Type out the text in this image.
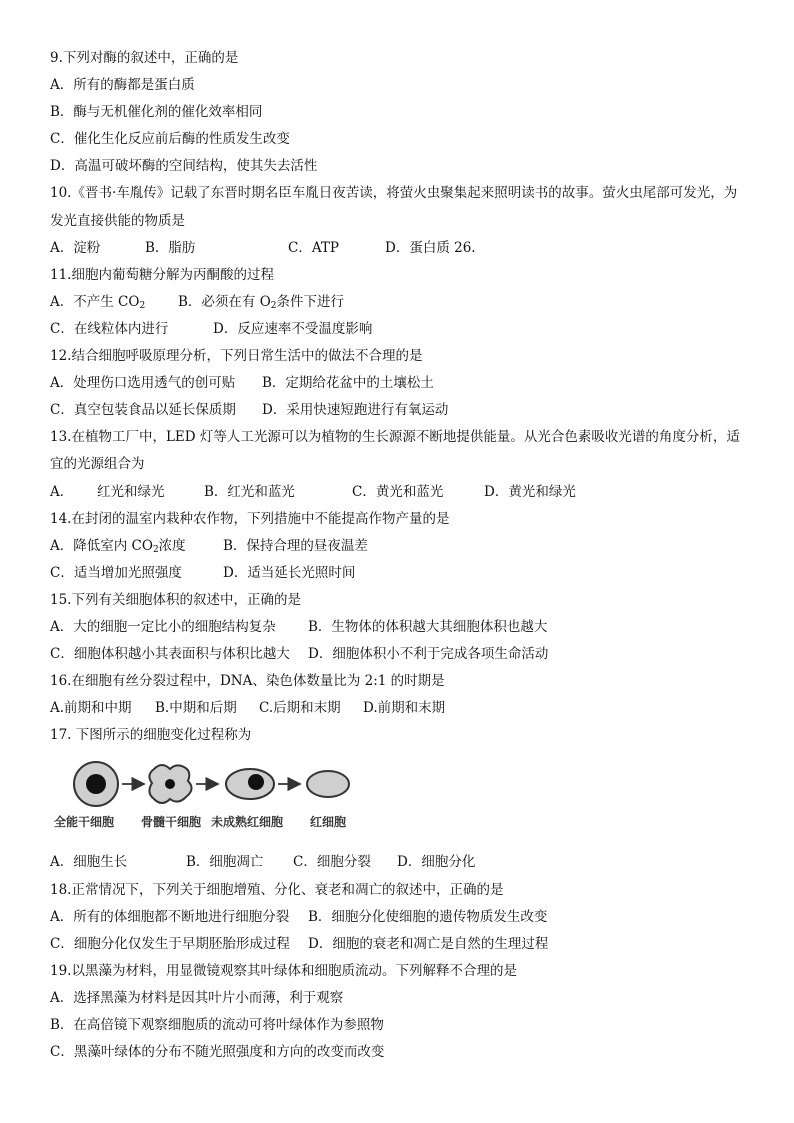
9.下列对酶的叙述中，正确的是
A．所有的酶都是蛋白质
B．酶与无机催化剂的催化效率相同
C．催化生化反应前后酶的性质发生改变
D．高温可破坏酶的空间结构，使其失去活性
10.《晋书·车胤传》记载了东晋时期名臣车胤日夜苦读，将萤火虫聚集起来照明读书的故事。萤火虫尾部可发光，为发光直接供能的物质是
A．淀粉	B．脂肪	C．ATP	D．蛋白质 26.
11.细胞内葡萄糖分解为丙酮酸的过程
A．不产生 $CO_2$ B．必须在有 $O_2$条件下进行
C．在线粒体内进行	D．反应速率不受温度影响
12.结合细胞呼吸原理分析，下列日常生活中的做法不合理的是
A．处理伤口选用透气的创可贴 B．定期给花盆中的土壤松土
C．真空包装食品以延长保质期 D．采用快速短跑进行有氧运动
13.在植物工厂中，LED 灯等人工光源可以为植物的生长源源不断地提供能量。从光合色素吸收光谱的角度分析，适宜的光源组合为
A． 红光和绿光	B．红光和蓝光	C．黄光和蓝光	D．黄光和绿光
14.在封闭的温室内栽种农作物，下列措施中不能提高作物产量的是
A．降低室内 $CO_2$浓度	B．保持合理的昼夜温差
C．适当增加光照强度	D．适当延长光照时间
15.下列有关细胞体积的叙述中，正确的是
A．大的细胞一定比小的细胞结构复杂 B．生物体的体积越大其细胞体积也越大
C．细胞体积越小其表面积与体积比越大 D．细胞体积小不利于完成各项生命活动
16.在细胞有丝分裂过程中，DNA、染色体数量比为 2:1 的时期是
A.前期和中期 B.中期和后期 C.后期和末期 D.前期和末期
17. 下图所示的细胞变化过程称为
全能干细胞 骨髓干细胞 未成熟红细胞 红细胞
A．细胞生长	B．细胞凋亡 C．细胞分裂 D．细胞分化
18.正常情况下，下列关于细胞增殖、分化、衰老和凋亡的叙述中，正确的是
A．所有的体细胞都不断地进行细胞分裂 B．细胞分化使细胞的遗传物质发生改变
C．细胞分化仅发生于早期胚胎形成过程 D．细胞的衰老和凋亡是自然的生理过程
19.以黑藻为材料，用显微镜观察其叶绿体和细胞质流动。下列解释不合理的是
A．选择黑藻为材料是因其叶片小而薄，利于观察
B．在高倍镜下观察细胞质的流动可将叶绿体作为参照物
C．黑藻叶绿体的分布不随光照强度和方向的改变而改变
